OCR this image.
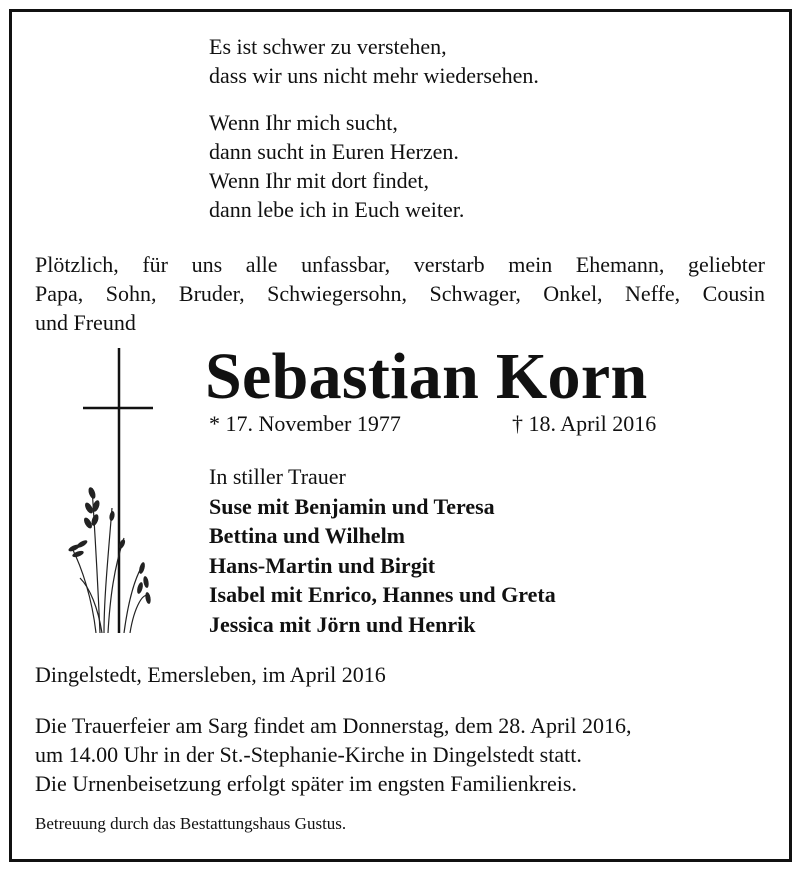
Es ist schwer zu verstehen,
dass wir uns nicht mehr wiedersehen.
Wenn Ihr mich sucht,
dann sucht in Euren Herzen.
Wenn Ihr mit dort findet,
dann lebe ich in Euch weiter.
Plötzlich, für uns alle unfassbar, verstarb mein Ehemann, geliebter
Papa, Sohn, Bruder, Schwiegersohn, Schwager, Onkel, Neffe, Cousin
und Freund
Sebastian Korn
* 17. November 1977	† 18. April 2016
In stiller Trauer
Suse mit Benjamin und Teresa
Bettina und Wilhelm
Hans-Martin und Birgit
Isabel mit Enrico, Hannes und Greta
Jessica mit Jörn und Henrik
Dingelstedt, Emersleben, im April 2016
Die Trauerfeier am Sarg findet am Donnerstag, dem 28. April 2016,
um 14.00 Uhr in der St.-Stephanie-Kirche in Dingelstedt statt.
Die Urnenbeisetzung erfolgt später im engsten Familienkreis.
Betreuung durch das Bestattungshaus Gustus.
